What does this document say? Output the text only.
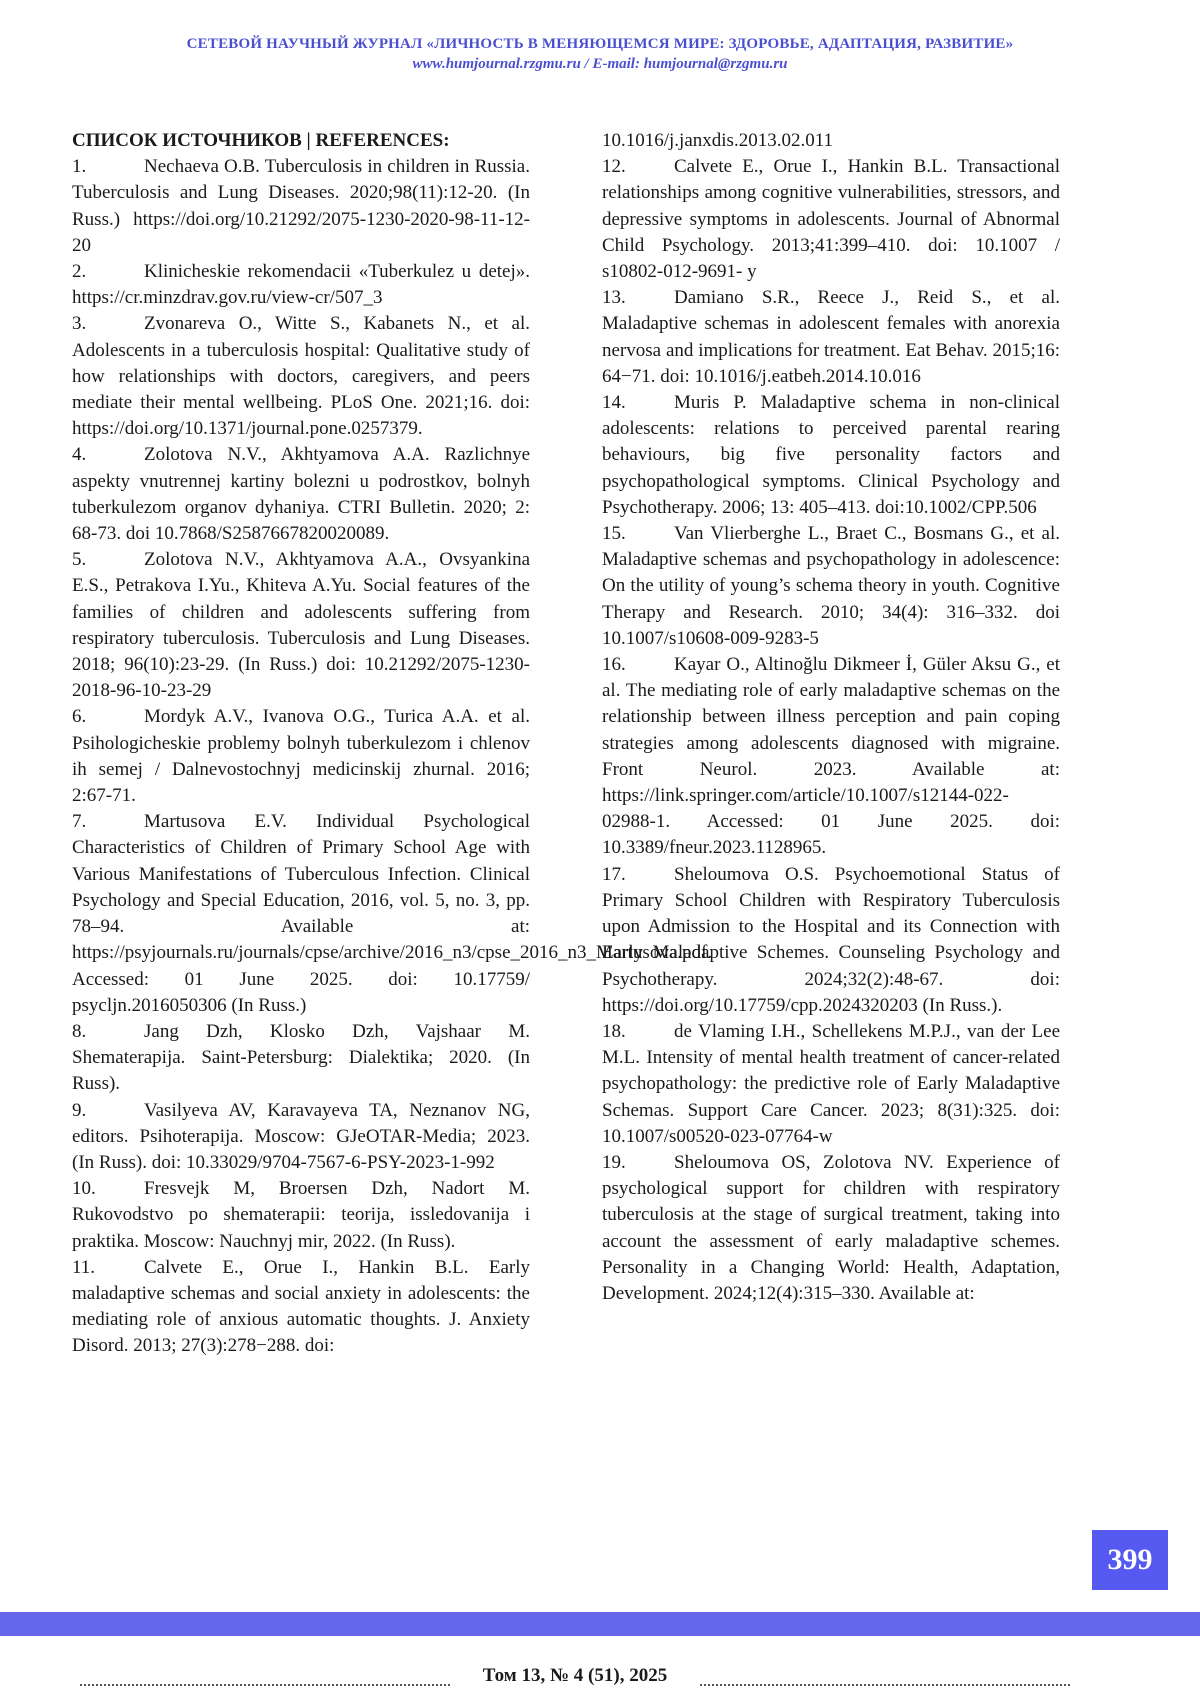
СЕТЕВОЙ НАУЧНЫЙ ЖУРНАЛ «ЛИЧНОСТЬ В МЕНЯЮЩЕМСЯ МИРЕ: ЗДОРОВЬЕ, АДАПТАЦИЯ, РАЗВИТИЕ»
www.humjournal.rzgmu.ru / E-mail: humjournal@rzgmu.ru
СПИСОК ИСТОЧНИКОВ | REFERENCES:
1.	Nechaeva O.B. Tuberculosis in children in Russia. Tuberculosis and Lung Diseases. 2020;98(11):12-20. (In Russ.) https://doi.org/10.21292/2075-1230-2020-98-11-12-20
2.	Klinicheskie rekomendacii «Tuberkulez u detej». https://cr.minzdrav.gov.ru/view-cr/507_3
3.	Zvonareva O., Witte S., Kabanets N., et al. Adolescents in a tuberculosis hospital: Qualitative study of how relationships with doctors, caregivers, and peers mediate their mental wellbeing. PLoS One. 2021;16. doi: https://doi.org/10.1371/journal.pone.0257379.
4.	Zolotova N.V., Akhtyamova A.A. Razlichnye aspekty vnutrennej kartiny bolezni u podrostkov, bolnyh tuberkulezom organov dyhaniya. CTRI Bulletin. 2020; 2: 68-73. doi 10.7868/S2587667820020089.
5.	Zolotova N.V., Akhtyamova A.A., Ovsyankina E.S., Petrakova I.Yu., Khiteva A.Yu. Social features of the families of children and adolescents suffering from respiratory tuberculosis. Tuberculosis and Lung Diseases. 2018; 96(10):23-29. (In Russ.) doi: 10.21292/2075-1230-2018-96-10-23-29
6.	Mordyk A.V., Ivanova O.G., Turica A.A. et al. Psihologicheskie problemy bolnyh tuberkulezom i chlenov ih semej / Dalnevostochnyj medicinskij zhurnal. 2016; 2:67-71.
7.	Martusova E.V. Individual Psychological Characteristics of Children of Primary School Age with Various Manifestations of Tuberculous Infection. Clinical Psychology and Special Education, 2016, vol. 5, no. 3, pp. 78–94. Available at: https://psyjournals.ru/journals/cpse/archive/2016_n3/cpse_2016_n3_Martusova.pdf. Accessed: 01 June 2025. doi: 10.17759/ psycljn.2016050306 (In Russ.)
8.	Jang Dzh, Klosko Dzh, Vajshaar M. Shematerapija. Saint-Petersburg: Dialektika; 2020. (In Russ).
9.	Vasilyeva AV, Karavayeva TA, Neznanov NG, editors. Psihoterapija. Moscow: GJeOTAR-Media; 2023. (In Russ). doi: 10.33029/9704-7567-6-PSY-2023-1-992
10.	Fresvejk M, Broersen Dzh, Nadort M. Rukovodstvo po shematerapii: teorija, issledovanija i praktika. Moscow: Nauchnyj mir, 2022. (In Russ).
11.	Calvete E., Orue I., Hankin B.L. Early maladaptive schemas and social anxiety in adolescents: the mediating role of anxious automatic thoughts. J. Anxiety Disord. 2013; 27(3):278−288. doi:
10.1016/j.janxdis.2013.02.011
12.	Calvete E., Orue I., Hankin B.L. Transactional relationships among cognitive vulnerabilities, stressors, and depressive symptoms in adolescents. Journal of Abnormal Child Psychology. 2013;41:399–410. doi: 10.1007 / s10802-012-9691- y
13.	Damiano S.R., Reece J., Reid S., et al. Maladaptive schemas in adolescent females with anorexia nervosa and implications for treatment. Eat Behav. 2015;16: 64−71. doi: 10.1016/j.eatbeh.2014.10.016
14.	Muris P. Maladaptive schema in non-clinical adolescents: relations to perceived parental rearing behaviours, big five personality factors and psychopathological symptoms. Clinical Psychology and Psychotherapy. 2006; 13: 405–413. doi:10.1002/CPP.506
15.	Van Vlierberghe L., Braet C., Bosmans G., et al. Maladaptive schemas and psychopathology in adolescence: On the utility of young’s schema theory in youth. Cognitive Therapy and Research. 2010; 34(4): 316–332. doi 10.1007/s10608-009-9283-5
16.	Kayar O., Altinoğlu Dikmeer İ, Güler Aksu G., et al. The mediating role of early maladaptive schemas on the relationship between illness perception and pain coping strategies among adolescents diagnosed with migraine. Front Neurol. 2023. Available at: https://link.springer.com/article/10.1007/s12144-022-02988-1. Accessed: 01 June 2025. doi: 10.3389/fneur.2023.1128965.
17.	Sheloumova O.S. Psychoemotional Status of Primary School Children with Respiratory Tuberculosis upon Admission to the Hospital and its Connection with Early Maladaptive Schemes. Counseling Psychology and Psychotherapy. 2024;32(2):48-67. doi: https://doi.org/10.17759/cpp.2024320203 (In Russ.).
18.	de Vlaming I.H., Schellekens M.P.J., van der Lee M.L. Intensity of mental health treatment of cancer-related psychopathology: the predictive role of Early Maladaptive Schemas. Support Care Cancer. 2023; 8(31):325. doi: 10.1007/s00520-023-07764-w
19.	Sheloumova OS, Zolotova NV. Experience of psychological support for children with respiratory tuberculosis at the stage of surgical treatment, taking into account the assessment of early maladaptive schemes. Personality in a Changing World: Health, Adaptation, Development. 2024;12(4):315–330. Available at:
399
Том 13, № 4 (51), 2025
